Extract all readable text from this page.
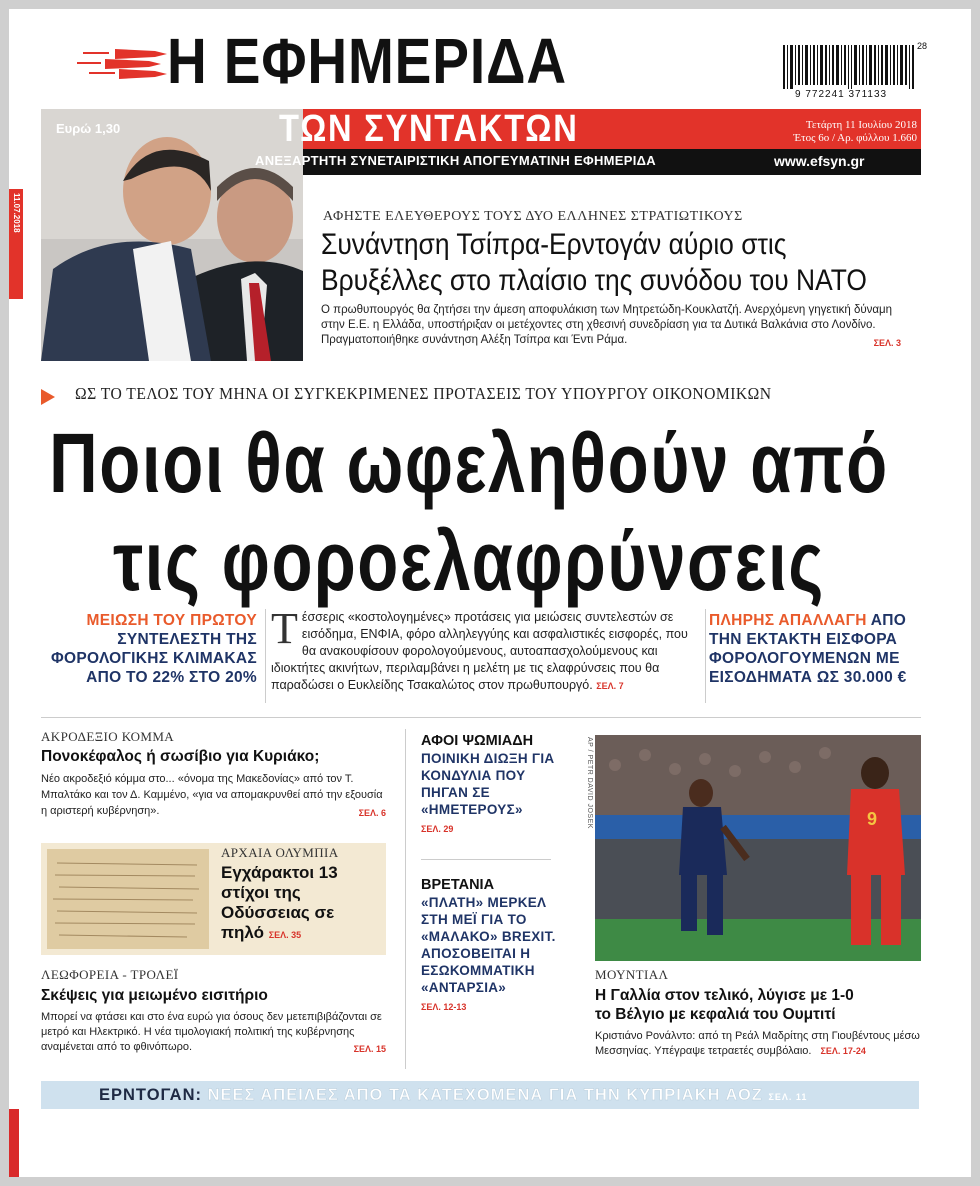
Η ΕΦΗΜΕΡΙΔΑ	28
9 772241 371133
Ευρώ 1,30	ΤΩΝ ΣΥΝΤΑΚΤΩΝ	Τετάρτη 11 Ιουλίου 2018
Έτος 6ο / Αρ. φύλλου 1.660
ΑΝΕΞΑΡΤΗΤΗ ΣΥΝΕΤΑΙΡΙΣΤΙΚΗ ΑΠΟΓΕΥΜΑΤΙΝΗ ΕΦΗΜΕΡΙΔΑ	www.efsyn.gr
11.07.2018	ΑΦΗΣΤΕ ΕΛΕΥΘΕΡΟΥΣ ΤΟΥΣ ΔΥΟ ΕΛΛΗΝΕΣ ΣΤΡΑΤΙΩΤΙΚΟΥΣ
Συνάντηση Τσίπρα-Ερντογάν αύριο στις
Βρυξέλλες στο πλαίσιο της συνόδου του ΝΑΤΟ
Ο πρωθυπουργός θα ζητήσει την άμεση αποφυλάκιση των Μητρετώδη-Κουκλατζή. Ανερχόμενη γηγετική δύναμη στην Ε.Ε. η Ελλάδα, υποστήριξαν οι μετέχοντες στη χθεσινή συνεδρίαση για τα Δυτικά Βαλκάνια στο Λονδίνο. Πραγματοποιήθηκε συνάντηση Αλέξη Τσίπρα και Έντι Ράμα.	ΣΕΛ. 3
ΩΣ ΤΟ ΤΕΛΟΣ ΤΟΥ ΜΗΝΑ ΟΙ ΣΥΓΚΕΚΡΙΜΕΝΕΣ ΠΡΟΤΑΣΕΙΣ ΤΟΥ ΥΠΟΥΡΓΟΥ ΟΙΚΟΝΟΜΙΚΩΝ
Ποιοι θα ωφεληθούν από
τις φοροελαφρύνσεις
ΜΕΙΩΣΗ ΤΟΥ ΠΡΩΤΟΥ
ΣΥΝΤΕΛΕΣΤΗ ΤΗΣ
ΦΟΡΟΛΟΓΙΚΗΣ ΚΛΙΜΑΚΑΣ
ΑΠΟ ΤΟ 22% ΣΤΟ 20%
Τ έσσερις «κοστολογημένες» προτάσεις για μειώσεις συντελεστών σε εισόδημα, ΕΝΦΙΑ, φόρο αλληλεγγύης και ασφαλιστικές εισφορές, που θα ανακουφίσουν φορολογούμενους, αυτοαπασχολούμενους και ιδιοκτήτες ακινήτων, περιλαμβάνει η μελέτη με τις ελαφρύνσεις που θα παραδώσει ο Ευκλείδης Τσακαλώτος στον πρωθυπουργό. ΣΕΛ. 7
ΠΛΗΡΗΣ ΑΠΑΛΛΑΓΗ ΑΠΟ
ΤΗΝ ΕΚΤΑΚΤΗ ΕΙΣΦΟΡΑ
ΦΟΡΟΛΟΓΟΥΜΕΝΩΝ ΜΕ
ΕΙΣΟΔΗΜΑΤΑ ΩΣ 30.000 €
ΑΚΡΟΔΕΞΙΟ ΚΟΜΜΑ
Πονοκέφαλος ή σωσίβιο για Κυριάκο;
Νέο ακροδεξιό κόμμα στο... «όνομα της Μακεδονίας» από τον Τ. Μπαλτάκο και τον Δ. Καμμένο, «για να απομακρυνθεί από την εξουσία η αριστερή κυβέρνηση».	ΣΕΛ. 6
ΑΡΧΑΙΑ ΟΛΥΜΠΙΑ
Εγχάρακτοι 13 στίχοι της Οδύσσειας σε πηλό ΣΕΛ. 35
ΛΕΩΦΟΡΕΙΑ - ΤΡΟΛΕΪ
Σκέψεις για μειωμένο εισιτήριο
Μπορεί να φτάσει και στο ένα ευρώ για όσους δεν μετεπιβιβάζονται σε μετρό και Ηλεκτρικό. Η νέα τιμολογιακή πολιτική της κυβέρνησης αναμένεται από το φθινόπωρο.	ΣΕΛ. 15
ΑΦΟΙ ΨΩΜΙΑΔΗ
ΠΟΙΝΙΚΗ ΔΙΩΞΗ ΓΙΑ ΚΟΝΔΥΛΙΑ ΠΟΥ ΠΗΓΑΝ ΣΕ «ΗΜΕΤΕΡΟΥΣ»
ΣΕΛ. 29
ΒΡΕΤΑΝΙΑ
«ΠΛΑΤΗ» ΜΕΡΚΕΛ ΣΤΗ ΜΕΪ ΓΙΑ ΤΟ «ΜΑΛΑΚΟ» BREXIT. ΑΠΟΣΟΒΕΙΤΑΙ Η ΕΣΩΚΟΜΜΑΤΙΚΗ «ΑΝΤΑΡΣΙΑ»
ΣΕΛ. 12-13
AP / PETR DAVID JOSEK	9
ΜΟΥΝΤΙΑΛ
Η Γαλλία στον τελικό, λύγισε με 1-0
το Βέλγιο με κεφαλιά του Ουμτιτί
Κριστιάνο Ρονάλντο: από τη Ρεάλ Μαδρίτης στη Γιουβέντους μέσω Μεσσηνίας. Υπέγραψε τετραετές συμβόλαιο. ΣΕΛ. 17-24
ΕΡΝΤΟΓΑΝ: ΝΕΕΣ ΑΠΕΙΛΕΣ ΑΠΟ ΤΑ ΚΑΤΕΧΟΜΕΝΑ ΓΙΑ ΤΗΝ ΚΥΠΡΙΑΚΗ ΑΟΖ ΣΕΛ. 11
